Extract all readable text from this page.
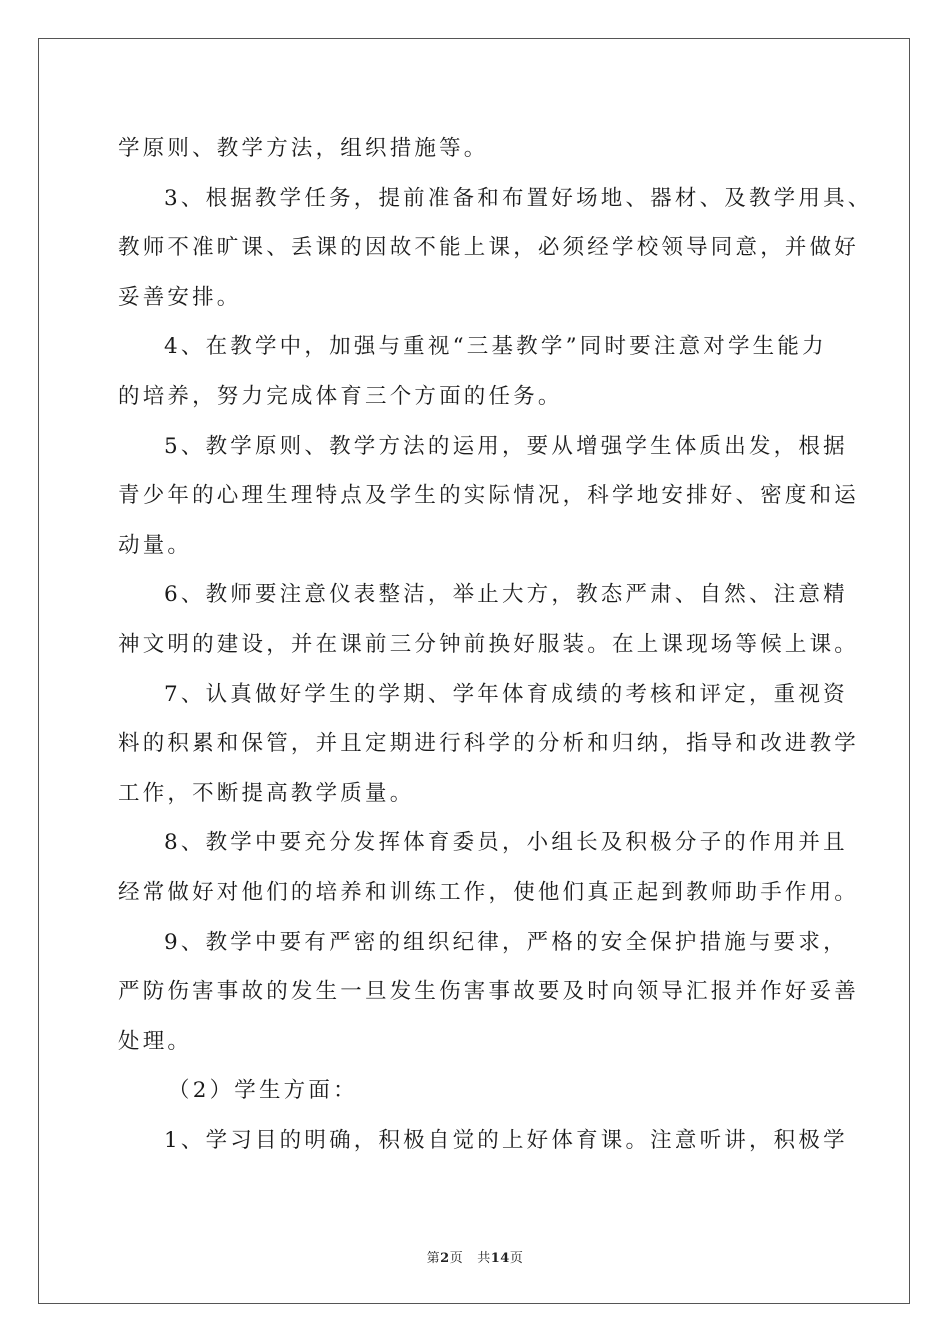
学原则、教学方法，组织措施等。
3、根据教学任务，提前准备和布置好场地、器材、及教学用具、
教师不准旷课、丢课的因故不能上课，必须经学校领导同意，并做好
妥善安排。
4、在教学中，加强与重视“三基教学”同时要注意对学生能力
的培养，努力完成体育三个方面的任务。
5、教学原则、教学方法的运用，要从增强学生体质出发，根据
青少年的心理生理特点及学生的实际情况，科学地安排好、密度和运
动量。
6、教师要注意仪表整洁，举止大方，教态严肃、自然、注意精
神文明的建设，并在课前三分钟前换好服装。在上课现场等候上课。
7、认真做好学生的学期、学年体育成绩的考核和评定，重视资
料的积累和保管，并且定期进行科学的分析和归纳，指导和改进教学
工作，不断提高教学质量。
8、教学中要充分发挥体育委员，小组长及积极分子的作用并且
经常做好对他们的培养和训练工作，使他们真正起到教师助手作用。
9、教学中要有严密的组织纪律，严格的安全保护措施与要求，
严防伤害事故的发生一旦发生伤害事故要及时向领导汇报并作好妥善
处理。
（2）学生方面：
1、学习目的明确，积极自觉的上好体育课。注意听讲，积极学
第2页 共14页
